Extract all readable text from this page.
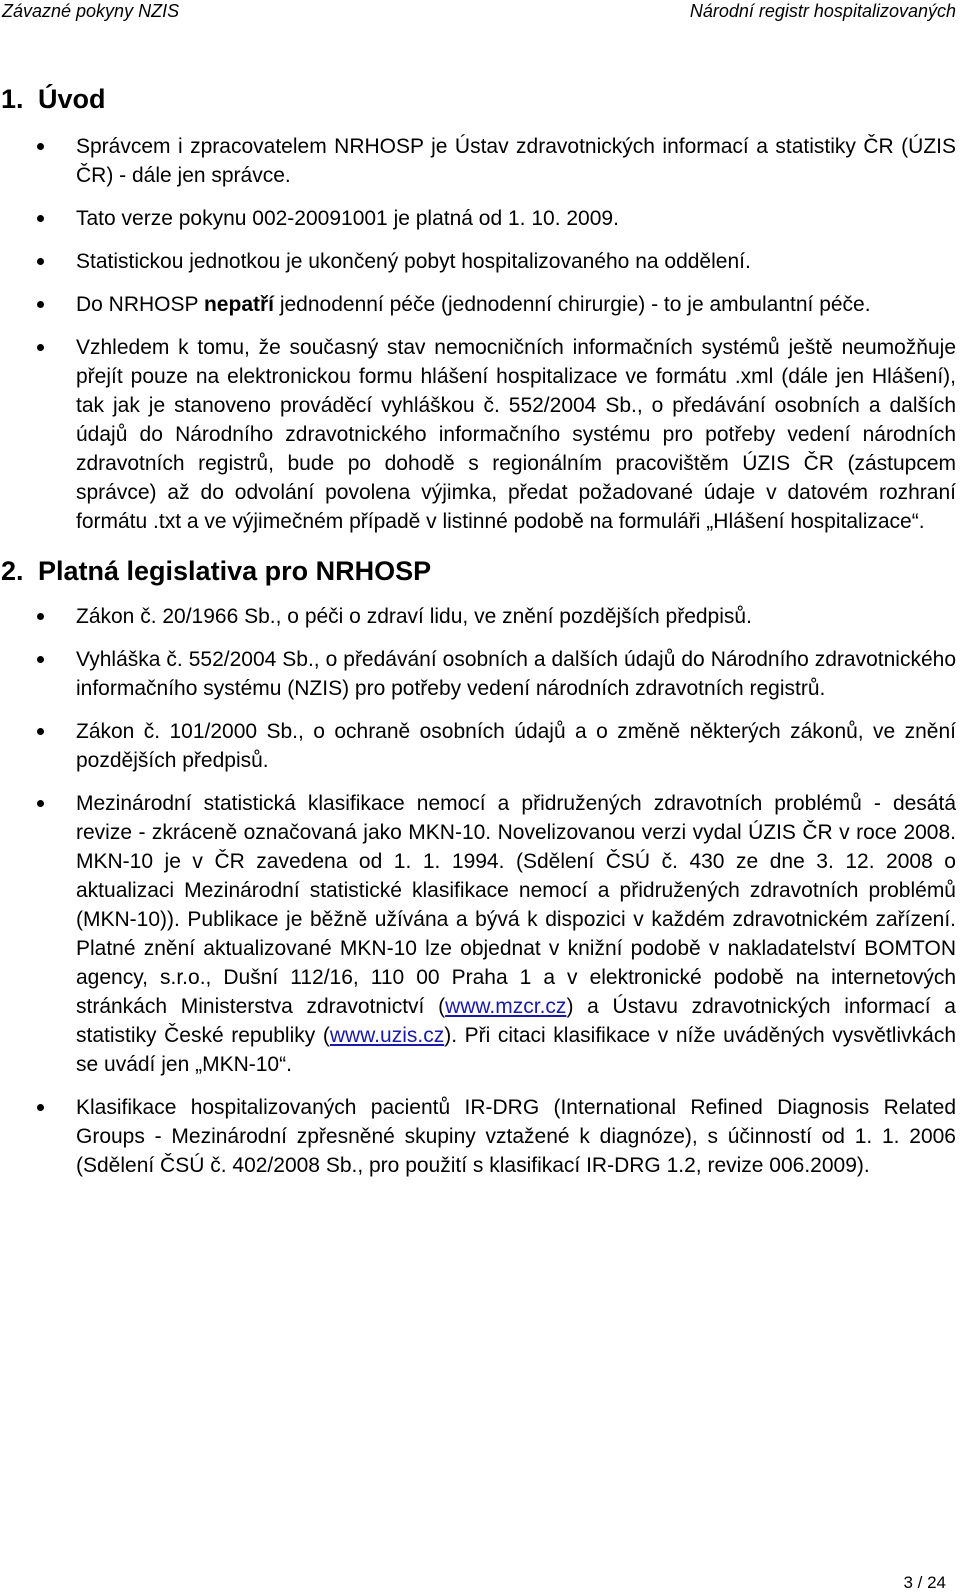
Závazné pokyny NZIS	Národní registr hospitalizovaných
1. Úvod
Správcem i zpracovatelem NRHOSP je Ústav zdravotnických informací a statistiky ČR (ÚZIS ČR) - dále jen správce.
Tato verze pokynu 002-20091001 je platná od 1. 10. 2009.
Statistickou jednotkou je ukončený pobyt hospitalizovaného na oddělení.
Do NRHOSP nepatří jednodenní péče (jednodenní chirurgie) - to je ambulantní péče.
Vzhledem k tomu, že současný stav nemocničních informačních systémů ještě neumožňuje přejít pouze na elektronickou formu hlášení hospitalizace ve formátu .xml (dále jen Hlášení), tak jak je stanoveno prováděcí vyhláškou č. 552/2004 Sb., o předávání osobních a dalších údajů do Národního zdravotnického informačního systému pro potřeby vedení národních zdravotních registrů, bude po dohodě s regionálním pracovištěm ÚZIS ČR (zástupcem správce) až do odvolání povolena výjimka, předat požadované údaje v datovém rozhraní formátu .txt a ve výjimečném případě v listinné podobě na formuláři „Hlášení hospitalizace“.
2. Platná legislativa pro NRHOSP
Zákon č. 20/1966 Sb., o péči o zdraví lidu, ve znění pozdějších předpisů.
Vyhláška č. 552/2004 Sb., o předávání osobních a dalších údajů do Národního zdravotnického informačního systému (NZIS) pro potřeby vedení národních zdravotních registrů.
Zákon č. 101/2000 Sb., o ochraně osobních údajů a o změně některých zákonů, ve znění pozdějších předpisů.
Mezinárodní statistická klasifikace nemocí a přidružených zdravotních problémů - desátá revize - zkráceně označovaná jako MKN-10. Novelizovanou verzi vydal ÚZIS ČR v roce 2008. MKN-10 je v ČR zavedena od 1. 1. 1994. (Sdělení ČSÚ č. 430 ze dne 3. 12. 2008 o aktualizaci Mezinárodní statistické klasifikace nemocí a přidružených zdravotních problémů (MKN-10)). Publikace je běžně užívána a bývá k dispozici v každém zdravotnickém zařízení. Platné znění aktualizované MKN-10 lze objednat v knižní podobě v nakladatelství BOMTON agency, s.r.o., Dušní 112/16, 110 00 Praha 1 a v elektronické podobě na internetových stránkách Ministerstva zdravotnictví (www.mzcr.cz) a Ústavu zdravotnických informací a statistiky České republiky (www.uzis.cz). Při citaci klasifikace v níže uváděných vysvětlivkách se uvádí jen „MKN-10“.
Klasifikace hospitalizovaných pacientů IR-DRG (International Refined Diagnosis Related Groups - Mezinárodní zpřesněné skupiny vztažené k diagnóze), s účinností od 1. 1. 2006 (Sdělení ČSÚ č. 402/2008 Sb., pro použití s klasifikací IR-DRG 1.2, revize 006.2009).
3 / 24
